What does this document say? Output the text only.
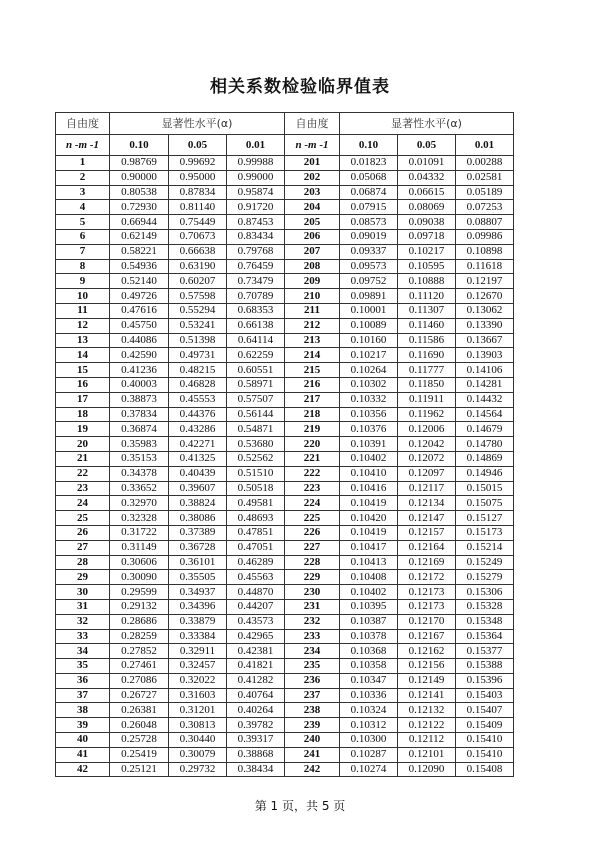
相关系数检验临界值表
自由度	显著性水平(α)			自由度	显著性水平(α)		
n -m -1	0.10	0.05	0.01	n -m -1	0.10	0.05	0.01
1	0.98769	0.99692	0.99988	201	0.01823	0.01091	0.00288
2	0.90000	0.95000	0.99000	202	0.05068	0.04332	0.02581
3	0.80538	0.87834	0.95874	203	0.06874	0.06615	0.05189
4	0.72930	0.81140	0.91720	204	0.07915	0.08069	0.07253
5	0.66944	0.75449	0.87453	205	0.08573	0.09038	0.08807
6	0.62149	0.70673	0.83434	206	0.09019	0.09718	0.09986
7	0.58221	0.66638	0.79768	207	0.09337	0.10217	0.10898
8	0.54936	0.63190	0.76459	208	0.09573	0.10595	0.11618
9	0.52140	0.60207	0.73479	209	0.09752	0.10888	0.12197
10	0.49726	0.57598	0.70789	210	0.09891	0.11120	0.12670
11	0.47616	0.55294	0.68353	211	0.10001	0.11307	0.13062
12	0.45750	0.53241	0.66138	212	0.10089	0.11460	0.13390
13	0.44086	0.51398	0.64114	213	0.10160	0.11586	0.13667
14	0.42590	0.49731	0.62259	214	0.10217	0.11690	0.13903
15	0.41236	0.48215	0.60551	215	0.10264	0.11777	0.14106
16	0.40003	0.46828	0.58971	216	0.10302	0.11850	0.14281
17	0.38873	0.45553	0.57507	217	0.10332	0.11911	0.14432
18	0.37834	0.44376	0.56144	218	0.10356	0.11962	0.14564
19	0.36874	0.43286	0.54871	219	0.10376	0.12006	0.14679
20	0.35983	0.42271	0.53680	220	0.10391	0.12042	0.14780
21	0.35153	0.41325	0.52562	221	0.10402	0.12072	0.14869
22	0.34378	0.40439	0.51510	222	0.10410	0.12097	0.14946
23	0.33652	0.39607	0.50518	223	0.10416	0.12117	0.15015
24	0.32970	0.38824	0.49581	224	0.10419	0.12134	0.15075
25	0.32328	0.38086	0.48693	225	0.10420	0.12147	0.15127
26	0.31722	0.37389	0.47851	226	0.10419	0.12157	0.15173
27	0.31149	0.36728	0.47051	227	0.10417	0.12164	0.15214
28	0.30606	0.36101	0.46289	228	0.10413	0.12169	0.15249
29	0.30090	0.35505	0.45563	229	0.10408	0.12172	0.15279
30	0.29599	0.34937	0.44870	230	0.10402	0.12173	0.15306
31	0.29132	0.34396	0.44207	231	0.10395	0.12173	0.15328
32	0.28686	0.33879	0.43573	232	0.10387	0.12170	0.15348
33	0.28259	0.33384	0.42965	233	0.10378	0.12167	0.15364
34	0.27852	0.32911	0.42381	234	0.10368	0.12162	0.15377
35	0.27461	0.32457	0.41821	235	0.10358	0.12156	0.15388
36	0.27086	0.32022	0.41282	236	0.10347	0.12149	0.15396
37	0.26727	0.31603	0.40764	237	0.10336	0.12141	0.15403
38	0.26381	0.31201	0.40264	238	0.10324	0.12132	0.15407
39	0.26048	0.30813	0.39782	239	0.10312	0.12122	0.15409
40	0.25728	0.30440	0.39317	240	0.10300	0.12112	0.15410
41	0.25419	0.30079	0.38868	241	0.10287	0.12101	0.15410
42	0.25121	0.29732	0.38434	242	0.10274	0.12090	0.15408
第 1 页，共 5 页
